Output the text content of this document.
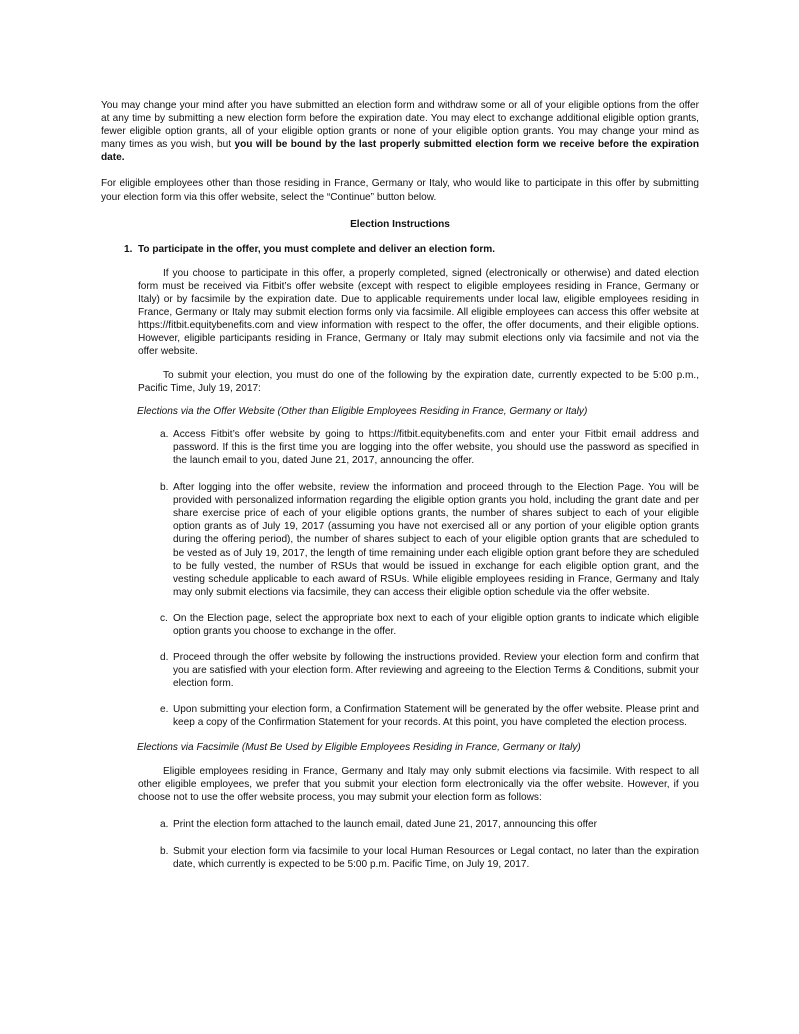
You may change your mind after you have submitted an election form and withdraw some or all of your eligible options from the offer at any time by submitting a new election form before the expiration date. You may elect to exchange additional eligible option grants, fewer eligible option grants, all of your eligible option grants or none of your eligible option grants. You may change your mind as many times as you wish, but you will be bound by the last properly submitted election form we receive before the expiration date.

For eligible employees other than those residing in France, Germany or Italy, who would like to participate in this offer by submitting your election form via this offer website, select the “Continue” button below.

Election Instructions

1. To participate in the offer, you must complete and deliver an election form.

If you choose to participate in this offer, a properly completed, signed (electronically or otherwise) and dated election form must be received via Fitbit’s offer website (except with respect to eligible employees residing in France, Germany or Italy) or by facsimile by the expiration date. Due to applicable requirements under local law, eligible employees residing in France, Germany or Italy may submit election forms only via facsimile. All eligible employees can access this offer website at https://fitbit.equitybenefits.com and view information with respect to the offer, the offer documents, and their eligible options. However, eligible participants residing in France, Germany or Italy may submit elections only via facsimile and not via the offer website.

To submit your election, you must do one of the following by the expiration date, currently expected to be 5:00 p.m., Pacific Time, July 19, 2017:

Elections via the Offer Website (Other than Eligible Employees Residing in France, Germany or Italy)

a. Access Fitbit’s offer website by going to https://fitbit.equitybenefits.com and enter your Fitbit email address and password. If this is the first time you are logging into the offer website, you should use the password as specified in the launch email to you, dated June 21, 2017, announcing the offer.
b. After logging into the offer website, review the information and proceed through to the Election Page. You will be provided with personalized information regarding the eligible option grants you hold, including the grant date and per share exercise price of each of your eligible options grants, the number of shares subject to each of your eligible option grants as of July 19, 2017 (assuming you have not exercised all or any portion of your eligible option grants during the offering period), the number of shares subject to each of your eligible option grants that are scheduled to be vested as of July 19, 2017, the length of time remaining under each eligible option grant before they are scheduled to be fully vested, the number of RSUs that would be issued in exchange for each eligible option grant, and the vesting schedule applicable to each award of RSUs. While eligible employees residing in France, Germany and Italy may only submit elections via facsimile, they can access their eligible option schedule via the offer website.
c. On the Election page, select the appropriate box next to each of your eligible option grants to indicate which eligible option grants you choose to exchange in the offer.
d. Proceed through the offer website by following the instructions provided. Review your election form and confirm that you are satisfied with your election form. After reviewing and agreeing to the Election Terms & Conditions, submit your election form.
e. Upon submitting your election form, a Confirmation Statement will be generated by the offer website. Please print and keep a copy of the Confirmation Statement for your records. At this point, you have completed the election process.

Elections via Facsimile (Must Be Used by Eligible Employees Residing in France, Germany or Italy)

Eligible employees residing in France, Germany and Italy may only submit elections via facsimile. With respect to all other eligible employees, we prefer that you submit your election form electronically via the offer website. However, if you choose not to use the offer website process, you may submit your election form as follows:

a. Print the election form attached to the launch email, dated June 21, 2017, announcing this offer
b. Submit your election form via facsimile to your local Human Resources or Legal contact, no later than the expiration date, which currently is expected to be 5:00 p.m. Pacific Time, on July 19, 2017.
